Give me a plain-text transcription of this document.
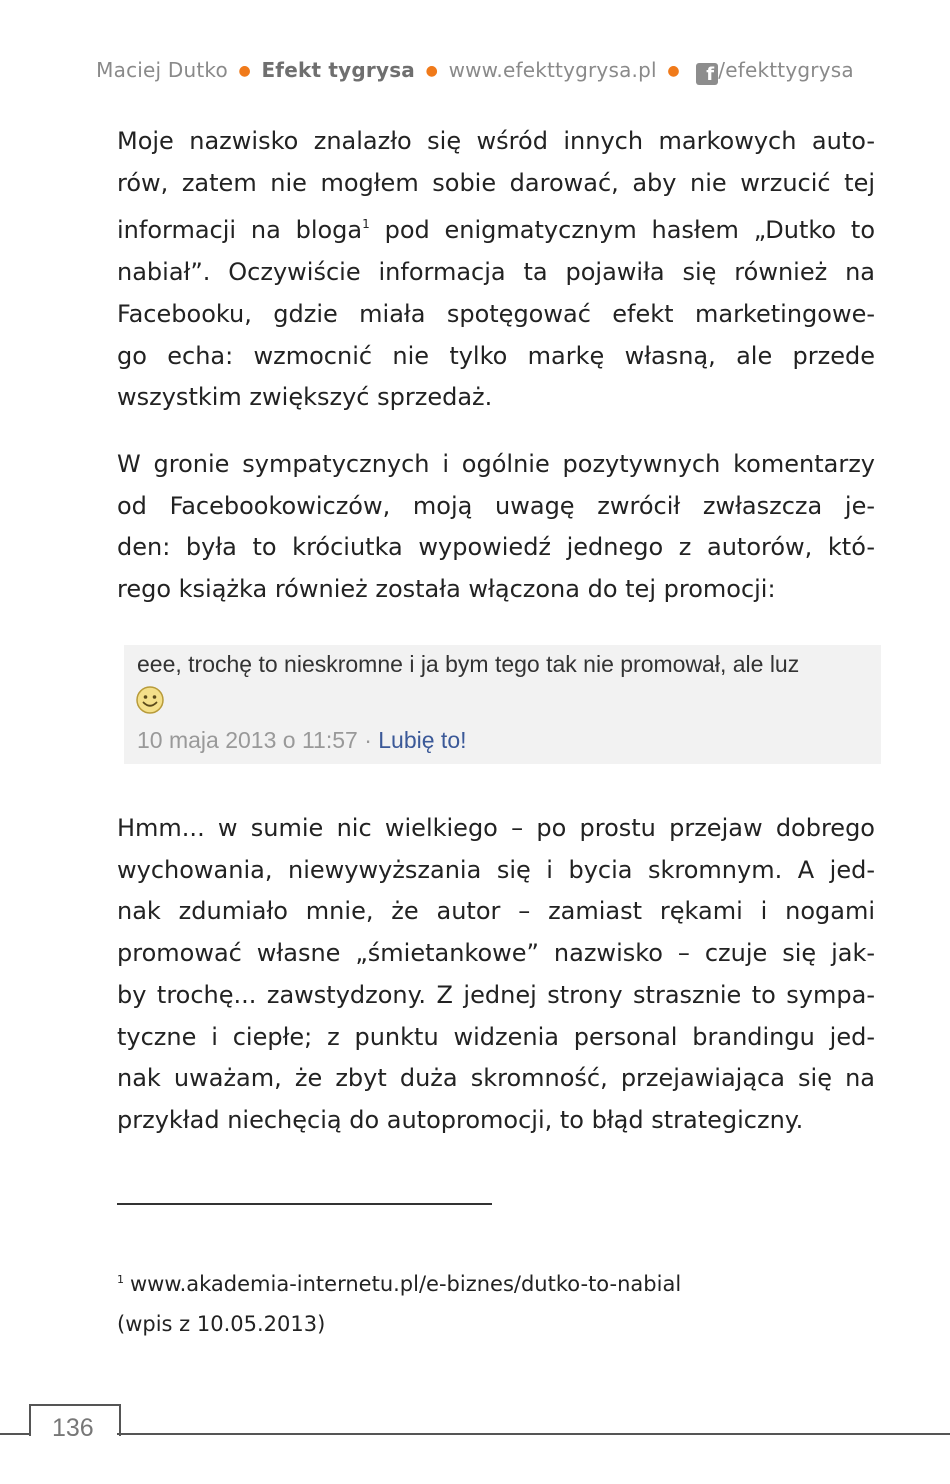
Maciej Dutko ● Efekt tygrysa ● www.efekttygrysa.pl ● f /efekttygrysa
Moje nazwisko znalazło się wśród innych markowych auto-
rów, zatem nie mogłem sobie darować, aby nie wrzucić tej
informacji na bloga$^1$ pod enigmatycznym hasłem „Dutko to
nabiał”. Oczywiście informacja ta pojawiła się również na
Facebooku, gdzie miała spotęgować efekt marketingowe-
go echa: wzmocnić nie tylko markę własną, ale przede
wszystkim zwiększyć sprzedaż.
W gronie sympatycznych i ogólnie pozytywnych komentarzy
od Facebookowiczów, moją uwagę zwrócił zwłaszcza je-
den: była to króciutka wypowiedź jednego z autorów, któ-
rego książka również została włączona do tej promocji:
eee, trochę to nieskromne i ja bym tego tak nie promował, ale luz
10 maja 2013 o 11:57 · Lubię to!
Hmm... w sumie nic wielkiego – po prostu przejaw dobrego
wychowania, niewywyższania się i bycia skromnym. A jed-
nak zdumiało mnie, że autor – zamiast rękami i nogami
promować własne „śmietankowe” nazwisko – czuje się jak-
by trochę... zawstydzony. Z jednej strony strasznie to sympa-
tyczne i ciepłe; z punktu widzenia personal brandingu jed-
nak uważam, że zbyt duża skromność, przejawiająca się na
przykład niechęcią do autopromocji, to błąd strategiczny.
$^1$ www.akademia-internetu.pl/e-biznes/dutko-to-nabial
(wpis z 10.05.2013)
136
